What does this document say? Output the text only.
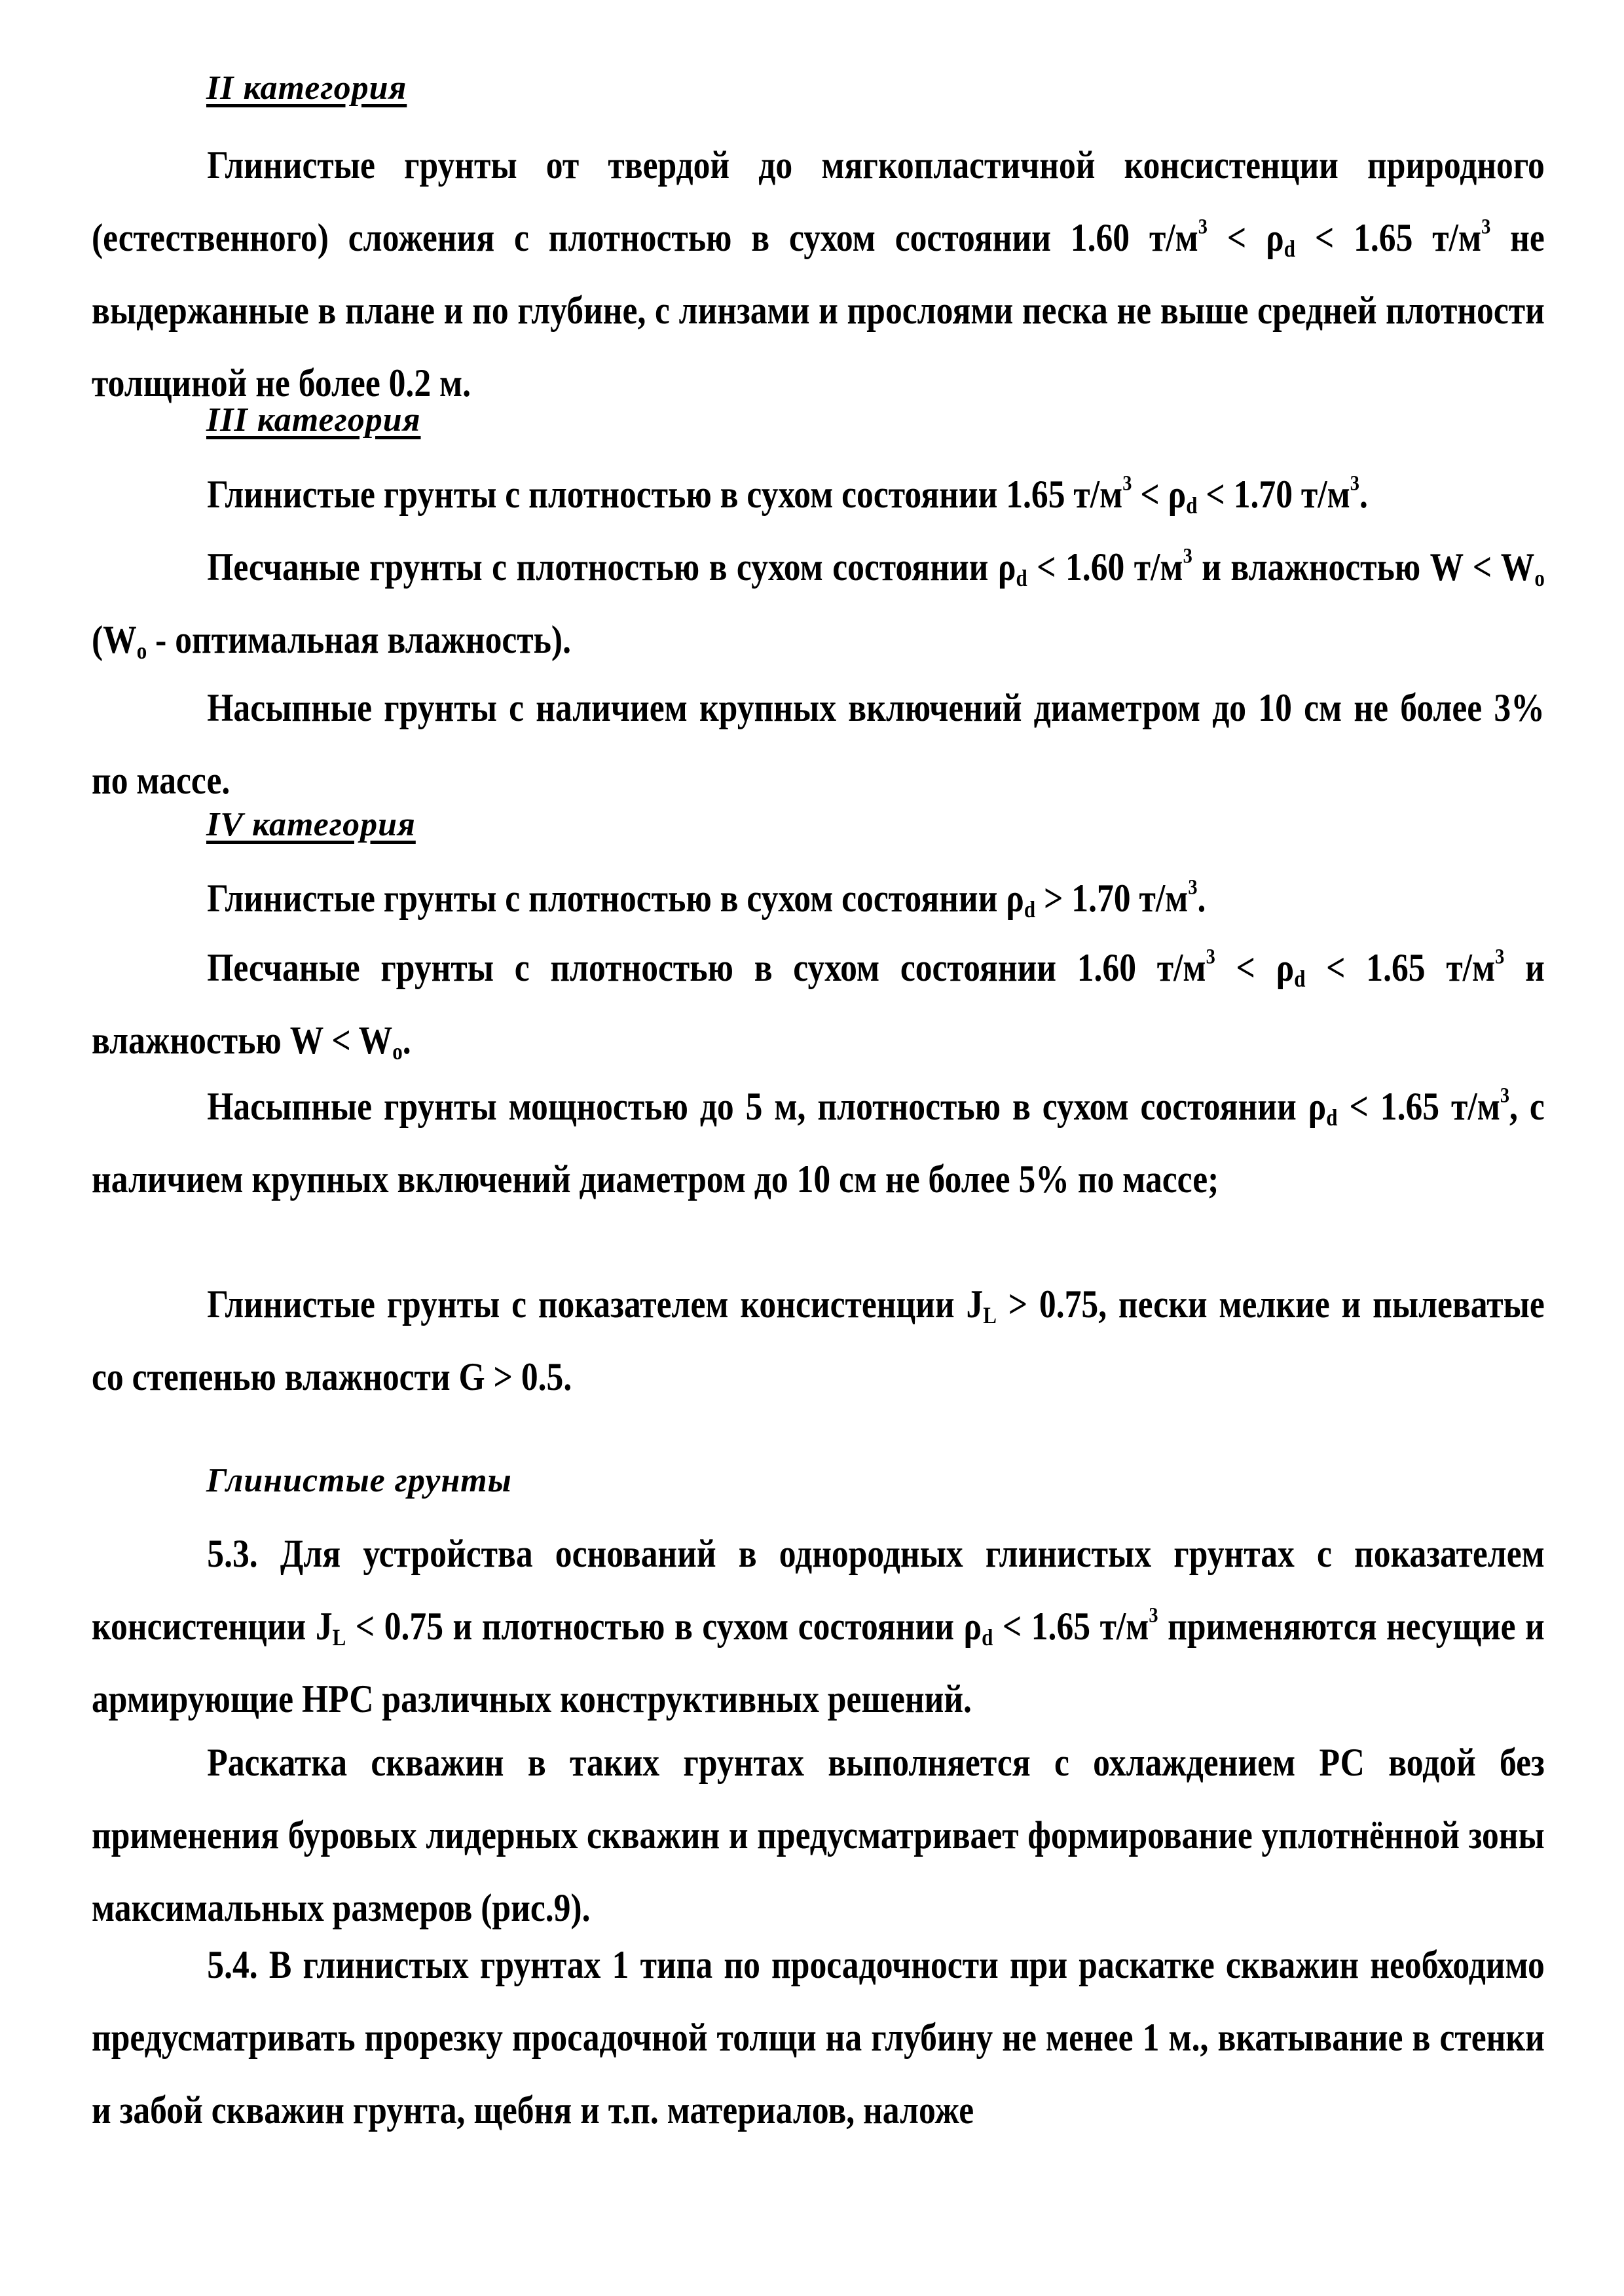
II категория
Глинистые грунты от твердой до мягкопластичной консистенции природного (естественного) сложения с плотностью в сухом состоянии 1.60 $т/м^3 < \rho_d < 1.65$ $т/м^3$ не выдержанные в плане и по глубине, с линзами и прослоями песка не выше средней плотности толщиной не более 0.2 м.
III категория
Глинистые грунты с плотностью в сухом состоянии 1.65 $т/м^3 < \rho_d < 1.70$ $т/м^3$.
Песчаные грунты с плотностью в сухом состоянии $\rho_d < 1.60$ $т/м^3$ и влажностью $W < W_o$ ($W_o$ - оптимальная влажность).
Насыпные грунты с наличием крупных включений диаметром до 10 см не более 3% по массе.
IV категория
Глинистые грунты с плотностью в сухом состоянии $\rho_d > 1.70$ $т/м^3$.
Песчаные грунты с плотностью в сухом состоянии 1.60 $т/м^3 < \rho_d < 1.65$ $т/м^3$ и влажностью $W < W_o$.
Насыпные грунты мощностью до 5 м, плотностью в сухом состоянии $\rho_d < 1.65$ $т/м^3$, с наличием крупных включений диаметром до 10 см не более 5% по массе;
Глинистые грунты с показателем консистенции $J_L > 0.75$, пески мелкие и пылеватые со степенью влажности G > 0.5.
Глинистые грунты
5.3. Для устройства оснований в однородных глинистых грунтах с показателем консистенции $J_L < 0.75$ и плотностью в сухом состоянии $\rho_d < 1.65$ $т/м^3$ применяются несущие и армирующие НРС различных конструктивных решений.
Раскатка скважин в таких грунтах выполняется с охлаждением РС водой без применения буровых лидерных скважин и предусматривает формирование уплотнённой зоны максимальных размеров (рис.9).
5.4. В глинистых грунтах 1 типа по просадочности при раскатке скважин необходимо предусматривать прорезку просадочной толщи на глубину не менее 1 м., вкатывание в стенки и забой скважин грунта, щебня и т.п. материалов, наложе
